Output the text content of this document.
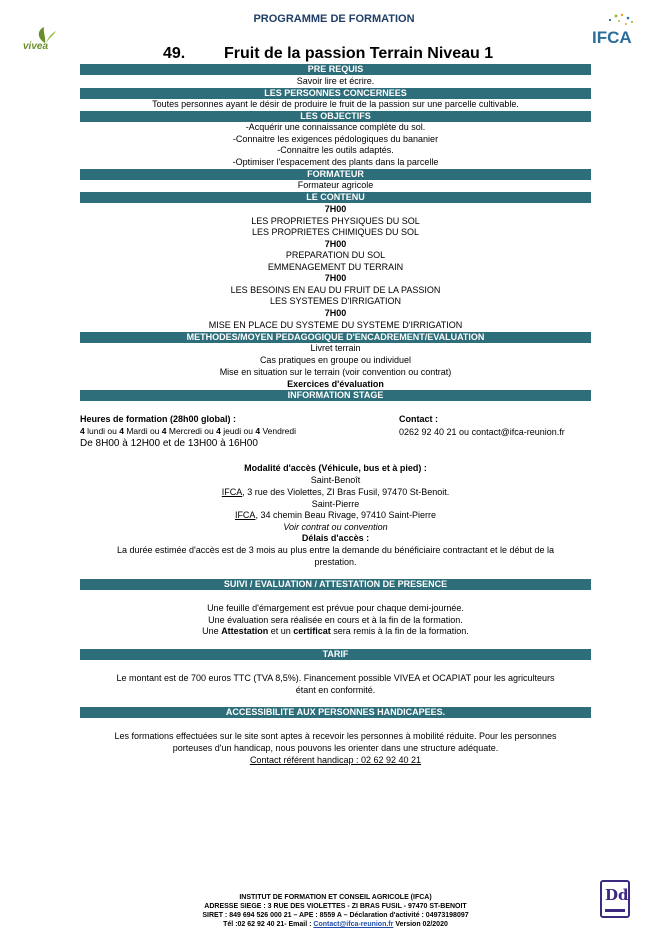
PROGRAMME DE FORMATION
vivea	IFCA
49. Fruit de la passion Terrain Niveau 1
PRE REQUIS
Savoir lire et écrire.
LES PERSONNES CONCERNEES
Toutes personnes ayant le désir de produire le fruit de la passion sur une parcelle cultivable.
LES OBJECTIFS
-Acquérir une connaissance complète du sol.
-Connaitre les exigences pédologiques du bananier
-Connaitre les outils adaptés.
-Optimiser l'espacement des plants dans la parcelle
FORMATEUR
Formateur agricole
LE CONTENU
7H00
LES PROPRIETES PHYSIQUES DU SOL
LES PROPRIETES CHIMIQUES DU SOL
7H00
PREPARATION DU SOL
EMMENAGEMENT DU TERRAIN
7H00
LES BESOINS EN EAU DU FRUIT DE LA PASSION
LES SYSTEMES D'IRRIGATION
7H00
MISE EN PLACE DU SYSTEME DU SYSTEME D'IRRIGATION
METHODES/MOYEN PEDAGOGIQUE D'ENCADREMENT/EVALUATION
Livret terrain
Cas pratiques en groupe ou individuel
Mise en situation sur le terrain (voir convention ou contrat)
Exercices d'évaluation
INFORMATION STAGE
Heures de formation (28h00 global) :
4 lundi ou 4 Mardi ou 4 Mercredi ou 4 jeudi ou 4 Vendredi
De 8H00 à 12H00 et de 13H00 à 16H00
Contact :
0262 92 40 21 ou contact@ifca-reunion.fr
Modalité d'accès (Véhicule, bus et à pied) :
Saint-Benoît
IFCA, 3 rue des Violettes, ZI Bras Fusil, 97470 St-Benoit.
Saint-Pierre
IFCA, 34 chemin Beau Rivage, 97410 Saint-Pierre
Voir contrat ou convention
Délais d'accès :
La durée estimée d'accès est de 3 mois au plus entre la demande du bénéficiaire contractant et le début de la
prestation.
SUIVI / EVALUATION / ATTESTATION DE PRESENCE
Une feuille d'émargement est prévue pour chaque demi-journée.
Une évaluation sera réalisée en cours et à la fin de la formation.
Une Attestation et un certificat sera remis à la fin de la formation.
TARIF
Le montant est de 700 euros TTC (TVA 8,5%). Financement possible VIVEA et OCAPIAT pour les agriculteurs
étant en conformité.
ACCESSIBILITE AUX PERSONNES HANDICAPEES.
Les formations effectuées sur le site sont aptes à recevoir les personnes à mobilité réduite. Pour les personnes
porteuses d'un handicap, nous pouvons les orienter dans une structure adéquate.
Contact référent handicap : 02 62 92 40 21
INSTITUT DE FORMATION ET CONSEIL AGRICOLE (IFCA)
ADRESSE SIEGE : 3 RUE DES VIOLETTES - ZI BRAS FUSIL - 97470 ST-BENOIT
SIRET : 849 694 526 000 21 – APE : 8559 A – Déclaration d'activité : 04973198097
Tél :02 62 92 40 21- Email : Contact@ifca-reunion.fr Version 02/2020
Dd
